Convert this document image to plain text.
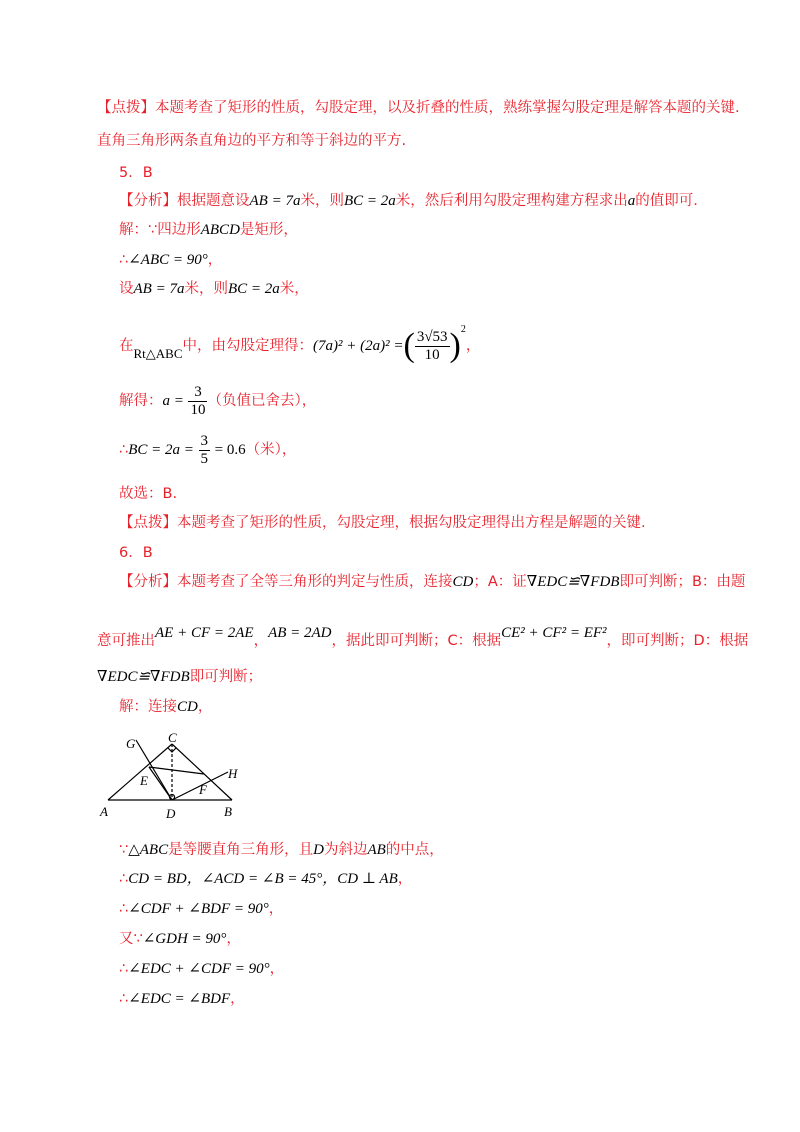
【点拨】本题考查了矩形的性质，勾股定理，以及折叠的性质，熟练掌握勾股定理是解答本题的关键.
直角三角形两条直角边的平方和等于斜边的平方.
5．B
【分析】根据题意设AB = 7a米，则BC = 2a米，然后利用勾股定理构建方程求出a的值即可.
解：∵四边形ABCD是矩形，
∴∠ABC = 90°，
设AB = 7a米，则BC = 2a米，
在Rt△ABC中，由勾股定理得：(7a)² + (2a)² =( $\frac{3√53}{10} )^2$，
解得：$a = \frac{3}{10}$ （负值已舍去），
∴BC = $2a = \frac{3}{5} = 0.6$（米），
故选：B.
【点拨】本题考查了矩形的性质，勾股定理，根据勾股定理得出方程是解题的关键.
6．B
【分析】本题考查了全等三角形的判定与性质，连接CD；A：证∇EDC≌∇FDB即可判断；B：由题
意可推出AE + CF = 2AE，AB = 2AD，据此即可判断；C：根据CE² + CF² = EF²，即可判断；D：根据
∇EDC≌∇FDB即可判断；
解：连接CD，
G	C
H
E
F
A	D	B
∵△ABC是等腰直角三角形，且D为斜边AB的中点，
∴CD = BD，∠ACD = ∠B = 45°，CD ⊥ AB，
∴∠CDF + ∠BDF = 90°，
又∵∠GDH = 90°，
∴∠EDC + ∠CDF = 90°，
∴∠EDC = ∠BDF，
